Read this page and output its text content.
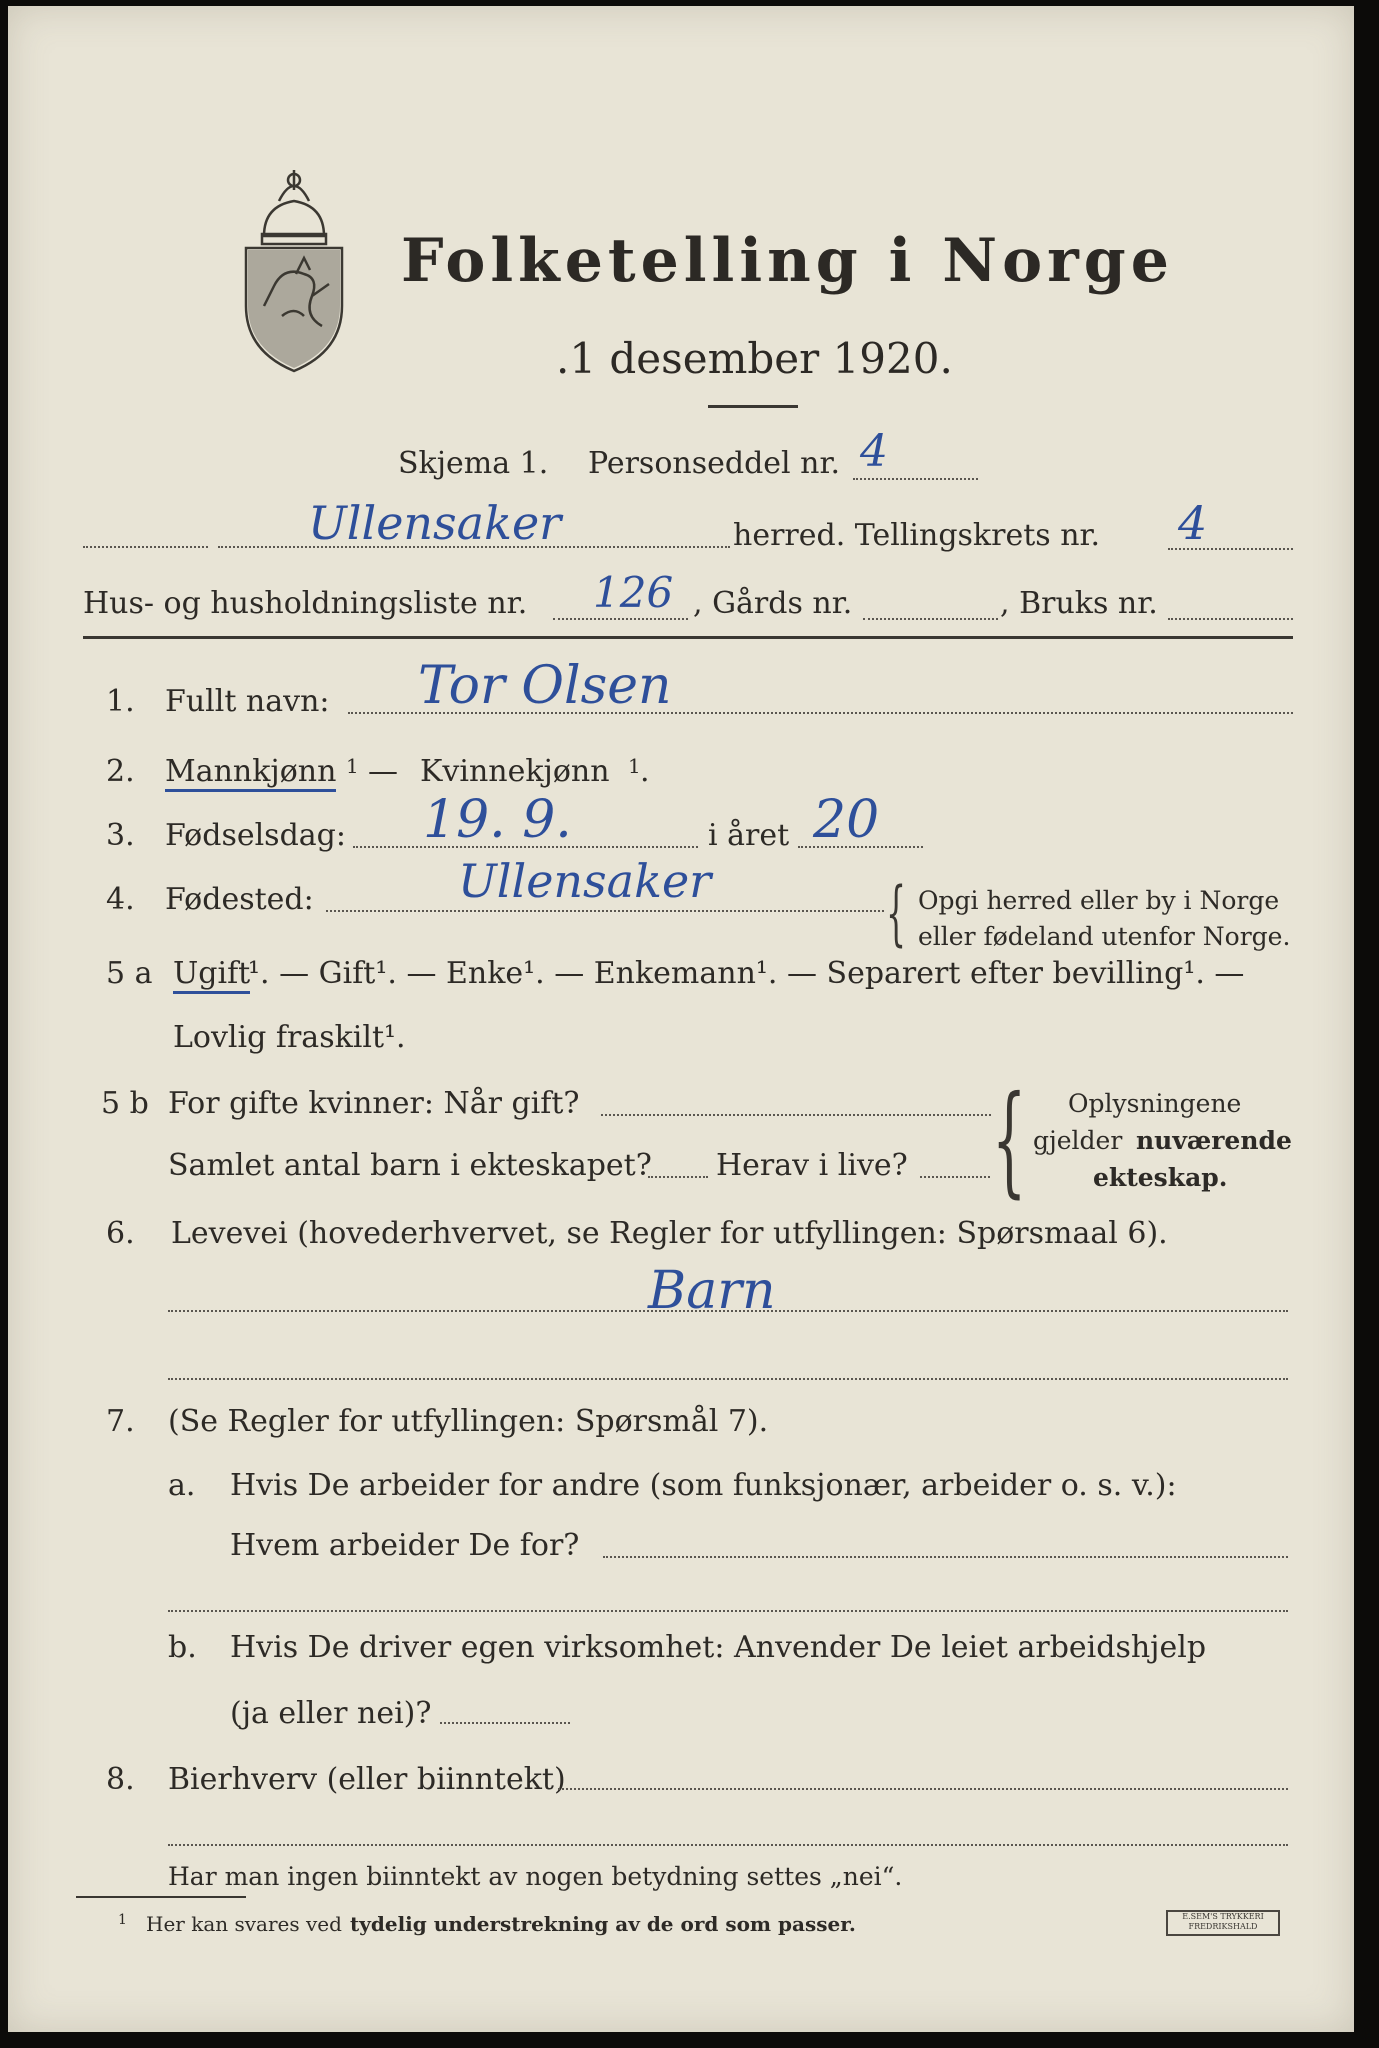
Folketelling i Norge
.1 desember 1920.
Skjema 1. Personseddel nr. 4
Ullensaker	herred. Tellingskrets nr. 4
Hus- og husholdningsliste nr. 126 , Gårds nr.	, Bruks nr.
1. Fullt navn: Tor Olsen
2. Mannkjønn 1 — Kvinnekjønn 1 .
3. Fødselsdag: 19. 9.	i året 20
4. Fødested:	Ullensaker { Opgi herred eller by i Norge
eller fødeland utenfor Norge.
5 a Ugift
¹. — Gift¹. — Enke¹. — Enkemann¹. — Separert efter bevilling¹. —
Lovlig fraskilt¹.
5 b For gifte kvinner: Når gift?
Samlet antal barn i ekteskapet? Herav i live? { Oplysningene
gjelder nuværende
ekteskap.
6. Levevei (hovederhvervet, se Regler for utfyllingen: Spørsmaal 6).
Barn
7. (Se Regler for utfyllingen: Spørsmål 7).
a. Hvis De arbeider for andre (som funksjonær, arbeider o. s. v.):
Hvem arbeider De for?
b. Hvis De driver egen virksomhet: Anvender De leiet arbeidshjelp
(ja eller nei)?
8. Bierhverv (eller biinntekt)
Har man ingen biinntekt av nogen betydning settes „nei“.
1 Her kan svares ved tydelig understrekning av de ord som passer.	E.SEM'S TRYKKERI FREDRIKSHALD
